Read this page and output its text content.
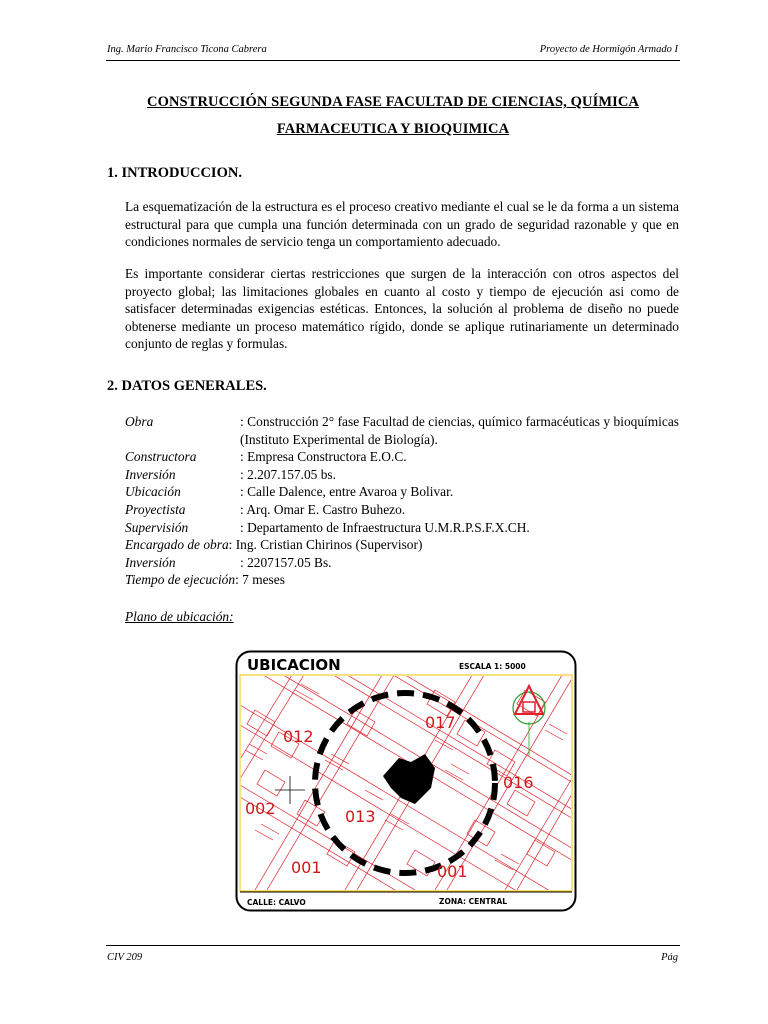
Ing. Mario Francisco Ticona Cabrera	Proyecto de Hormigón Armado I
CONSTRUCCIÓN SEGUNDA FASE FACULTAD DE CIENCIAS, QUÍMICA
FARMACEUTICA Y BIOQUIMICA
1. INTRODUCCION.

La esquematización de la estructura es el proceso creativo mediante el cual se le da forma a un sistema estructural para que cumpla una función determinada con un grado de seguridad razonable y que en condiciones normales de servicio tenga un comportamiento adecuado.

Es importante considerar ciertas restricciones que surgen de la interacción con otros aspectos del proyecto global; las limitaciones globales en cuanto al costo y tiempo de ejecución asi como de satisfacer determinadas exigencias estéticas. Entonces, la solución al problema de diseño no puede obtenerse mediante un proceso matemático rígido, donde se aplique rutinariamente un determinado conjunto de reglas y formulas.

2. DATOS GENERALES.
Obra	: Construcción 2° fase Facultad de ciencias, químico farmacéuticas y bioquímicas (Instituto Experimental de Biología).
Constructora	: Empresa Constructora E.O.C.
Inversión	: 2.207.157.05 bs.
Ubicación	: Calle Dalence, entre Avaroa y Bolivar.
Proyectista	: Arq. Omar E. Castro Buhezo.
Supervisión	: Departamento de Infraestructura U.M.R.P.S.F.X.CH.
Encargado de obra : Ing. Cristian Chirinos (Supervisor)
Inversión	: 2207157.05 Bs.
Tiempo de ejecución : 7 meses
Plano de ubicación:
UBICACION	ESCALA 1: 5000
CALLE: CALVO	ZONA: CENTRAL
012
017
016
002	013
001	001
CIV 209	Pág
